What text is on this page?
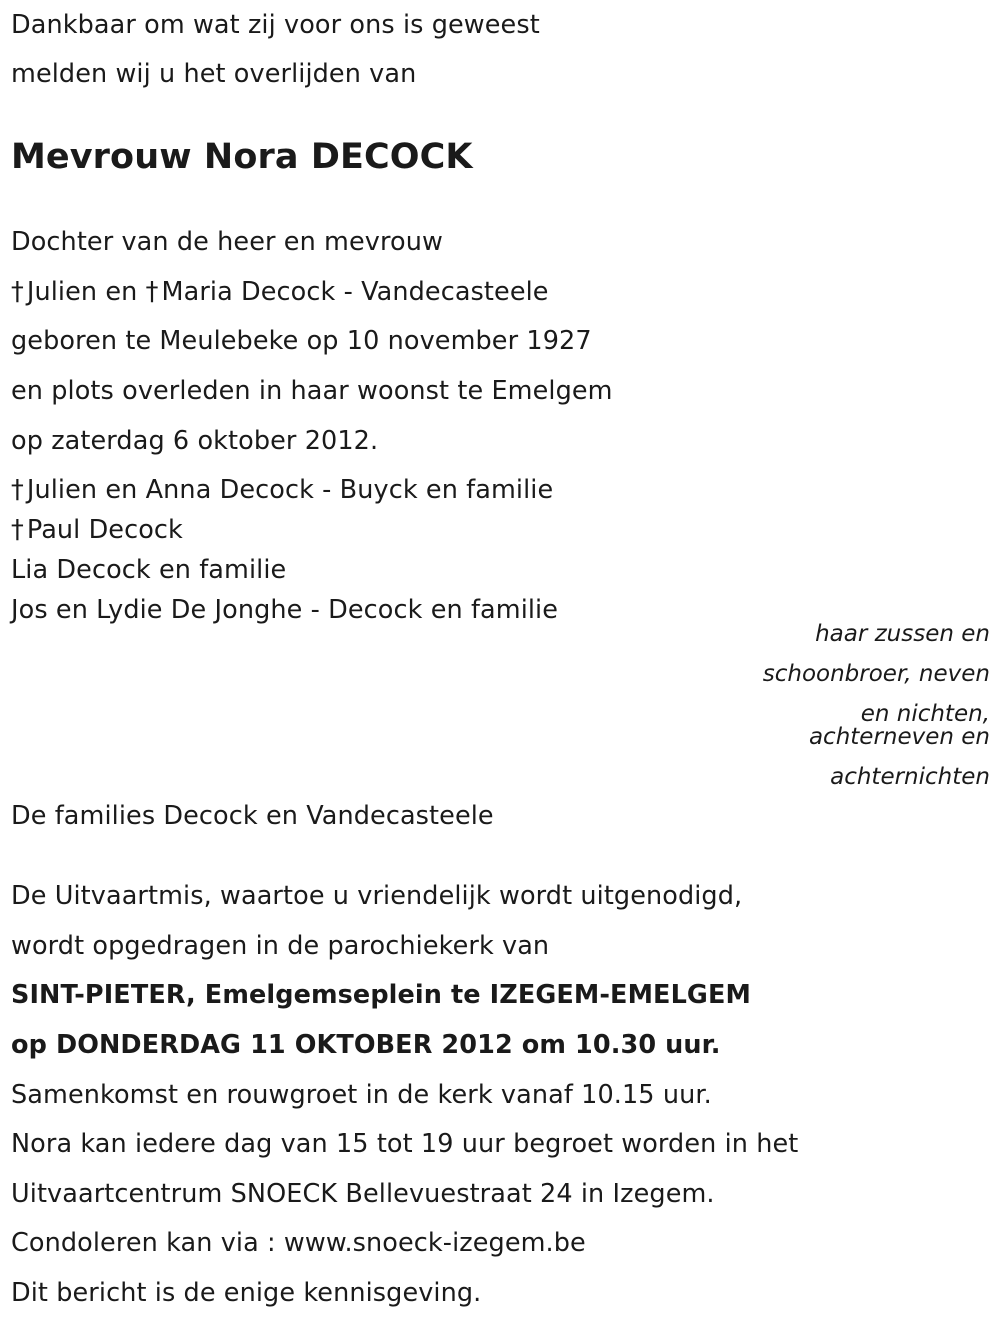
Dankbaar om wat zij voor ons is geweest

melden wij u het overlijden van

Mevrouw Nora DECOCK

Dochter van de heer en mevrouw

† Julien en † Maria Decock - Vandecasteele

geboren te Meulebeke op 10 november 1927

en plots overleden in haar woonst te Emelgem

op zaterdag 6 oktober 2012.

† Julien en Anna Decock - Buyck en familie

† Paul Decock

Lia Decock en familie

Jos en Lydie De Jonghe - Decock en familie

haar zussen en

schoonbroer, neven

en nichten,

achterneven en

achternichten

De families Decock en Vandecasteele

De Uitvaartmis, waartoe u vriendelijk wordt uitgenodigd,

wordt opgedragen in de parochiekerk van

SINT-PIETER, Emelgemseplein te IZEGEM-EMELGEM

op DONDERDAG 11 OKTOBER 2012 om 10.30 uur.

Samenkomst en rouwgroet in de kerk vanaf 10.15 uur.

Nora kan iedere dag van 15 tot 19 uur begroet worden in het

Uitvaartcentrum SNOECK Bellevuestraat 24 in Izegem.

Condoleren kan via : www.snoeck-izegem.be

Dit bericht is de enige kennisgeving.
